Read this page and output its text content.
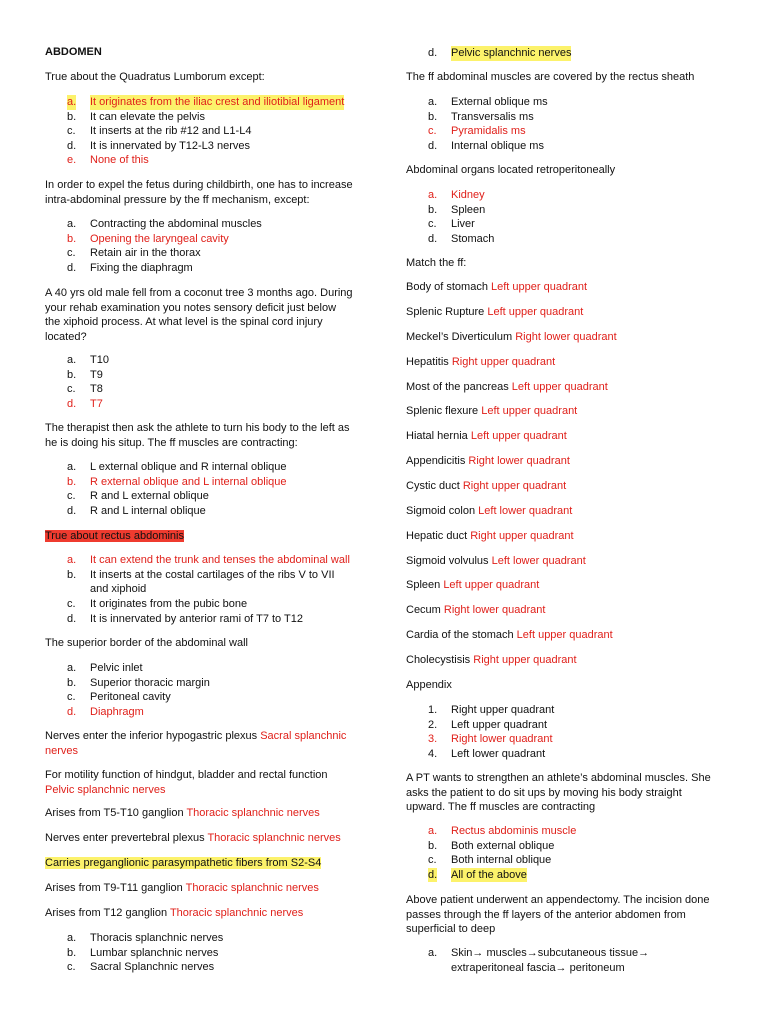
ABDOMEN
True about the Quadratus Lumborum except:
a. It originates from the iliac crest and iliotibial ligament
b. It can elevate the pelvis
c. It inserts at the rib #12 and L1-L4
d. It is innervated by T12-L3 nerves
e. None of this
In order to expel the fetus during childbirth, one has to increase
intra-abdominal pressure by the ff mechanism, except:
a. Contracting the abdominal muscles
b. Opening the laryngeal cavity
c. Retain air in the thorax
d. Fixing the diaphragm
A 40 yrs old male fell from a coconut tree 3 months ago. During
your rehab examination you notes sensory deficit just below
the xiphoid process. At what level is the spinal cord injury
located?
a. T10
b. T9
c. T8
d. T7
The therapist then ask the athlete to turn his body to the left as
he is doing his situp. The ff muscles are contracting:
a. L external oblique and R internal oblique
b. R external oblique and L internal oblique
c. R and L external oblique
d. R and L internal oblique
True about rectus abdominis
a. It can extend the trunk and tenses the abdominal wall
b. It inserts at the costal cartilages of the ribs V to VII
and xiphoid
c. It originates from the pubic bone
d. It is innervated by anterior rami of T7 to T12
The superior border of the abdominal wall
a. Pelvic inlet
b. Superior thoracic margin
c. Peritoneal cavity
d. Diaphragm
Nerves enter the inferior hypogastric plexus Sacral splanchnic
nerves
For motility function of hindgut, bladder and rectal function
Pelvic splanchnic nerves
Arises from T5-T10 ganglion Thoracic splanchnic nerves
Nerves enter prevertebral plexus Thoracic splanchnic nerves
Carries preganglionic parasympathetic fibers from S2-S4
Arises from T9-T11 ganglion Thoracic splanchnic nerves
Arises from T12 ganglion Thoracic splanchnic nerves
a. Thoracis splanchnic nerves
b. Lumbar splanchnic nerves
c. Sacral Splanchnic nerves
d. Pelvic splanchnic nerves
The ff abdominal muscles are covered by the rectus sheath
a. External oblique ms
b. Transversalis ms
c. Pyramidalis ms
d. Internal oblique ms
Abdominal organs located retroperitoneally
a. Kidney
b. Spleen
c. Liver
d. Stomach
Match the ff:
Body of stomach Left upper quadrant
Splenic Rupture Left upper quadrant
Meckel’s Diverticulum Right lower quadrant
Hepatitis Right upper quadrant
Most of the pancreas Left upper quadrant
Splenic flexure Left upper quadrant
Hiatal hernia Left upper quadrant
Appendicitis Right lower quadrant
Cystic duct Right upper quadrant
Sigmoid colon Left lower quadrant
Hepatic duct Right upper quadrant
Sigmoid volvulus Left lower quadrant
Spleen Left upper quadrant
Cecum Right lower quadrant
Cardia of the stomach Left upper quadrant
Cholecystisis Right upper quadrant
Appendix
1. Right upper quadrant
2. Left upper quadrant
3. Right lower quadrant
4. Left lower quadrant
A PT wants to strengthen an athlete’s abdominal muscles. She
asks the patient to do sit ups by moving his body straight
upward. The ff muscles are contracting
a. Rectus abdominis muscle
b. Both external oblique
c. Both internal oblique
d. All of the above
Above patient underwent an appendectomy. The incision done
passes through the ff layers of the anterior abdomen from
superficial to deep
a. Skin→ muscles→subcutaneous tissue→
extraperitoneal fascia→ peritoneum
